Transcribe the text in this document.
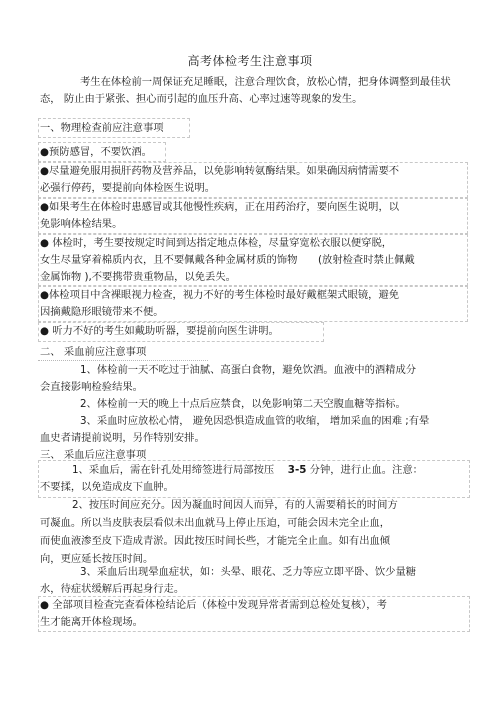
高考体检考生注意事项
考生在体检前一周保证充足睡眠，注意合理饮食，放松心情，把身体调整到最佳状态， 防止由于紧张、担心而引起的血压升高、心率过速等现象的发生。
一、物理检查前应注意事项
●预防感冒，不要饮酒。
●尽量避免服用损肝药物及营养品，以免影响转氨酶结果。如果确因病情需要不
必强行停药，要提前向体检医生说明。
●如果考生在体检时患感冒或其他慢性疾病，正在用药治疗，要向医生说明，以
免影响体检结果。
● 体检时，考生要按规定时间到达指定地点体检，尽量穿宽松衣服以便穿脱，
女生尽量穿着棉质内衣，且不要佩戴各种金属材质的饰物　　(放射检查时禁止佩戴
金属饰物 ),不要携带贵重物品，以免丢失。
●体检项目中含裸眼视力检查，视力不好的考生体检时最好戴框架式眼镜，避免
因摘戴隐形眼镜带来不便。
● 听力不好的考生如戴助听器，要提前向医生讲明。
二、 采血前应注意事项
1、体检前一天不吃过于油腻、高蛋白食物，避免饮酒。血液中的酒精成分
会直接影响检验结果。
2、体检前一天的晚上十点后应禁食，以免影响第二天空腹血糖等指标。
3、采血时应放松心情， 避免因恐惧造成血管的收缩， 增加采血的困难 ;有晕
血史者请提前说明，另作特别安排。
三、 采血后应注意事项
1、采血后，需在针孔处用缔签进行局部按压　 3-5 分钟，进行止血。注意：
不要揉，以免造成皮下血肿。
2、按压时间应充分。因为凝血时间因人而异，有的人需要稍长的时间方
可凝血。所以当皮肤表层看似未出血就马上停止压迫，可能会因未完全止血，
而使血液渗至皮下造成青淤。因此按压时间长些，才能完全止血。如有出血倾
向，更应延长按压时间。
3、采血后出现晕血症状，如：头晕、眼花、乏力等应立即平卧、饮少量糖
水，待症状缓解后再起身行走。
● 全部项目检查完查看体检结论后（体检中发现异常者需到总检处复核），考
生才能离开体检现场。
